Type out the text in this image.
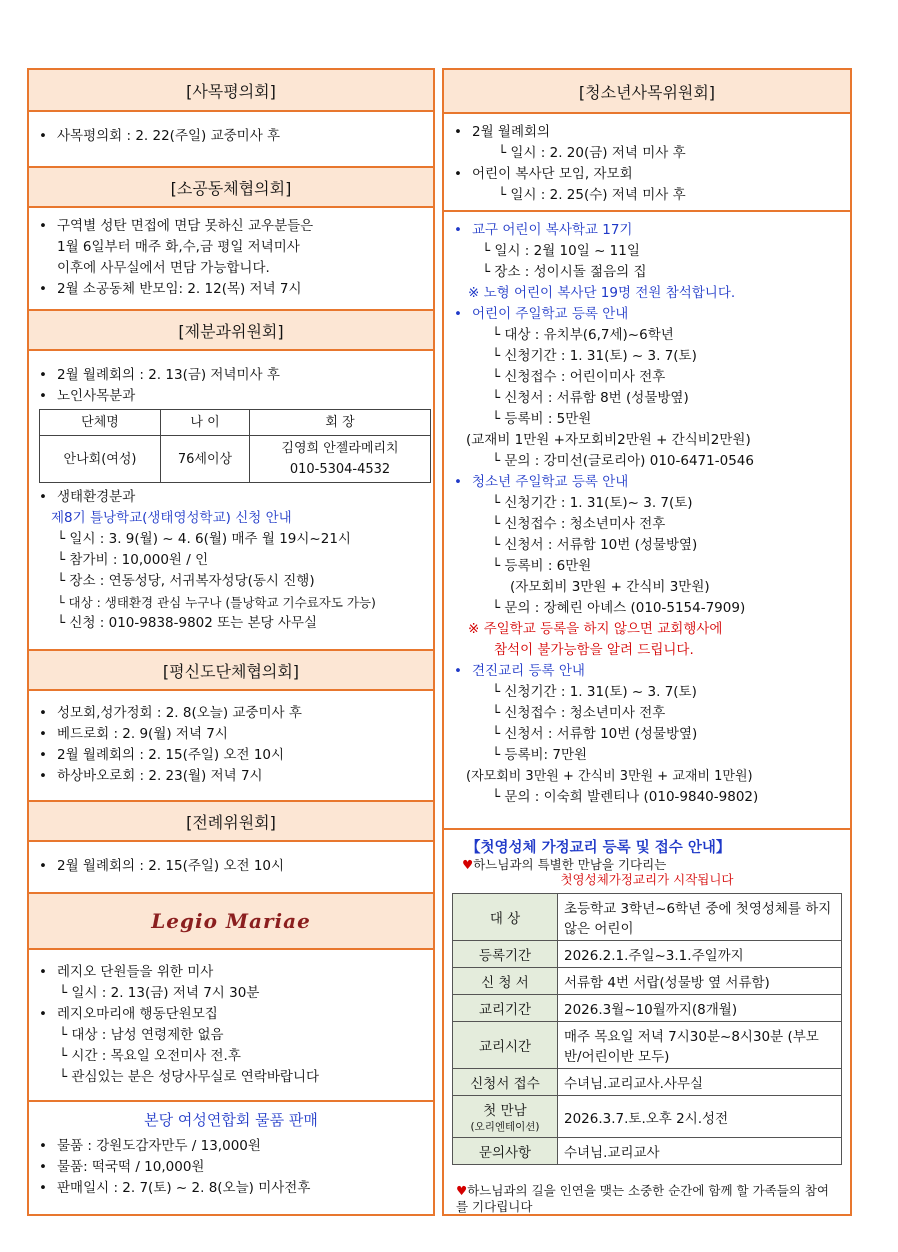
[사목평의회]
• 사목평의회 : 2. 22(주일) 교중미사 후
[소공동체협의회]
• 구역별 성탄 면접에 면담 못하신 교우분들은
1월 6일부터 매주 화,수,금 평일 저녁미사
이후에 사무실에서 면담 가능합니다.
• 2월 소공동체 반모임: 2. 12(목) 저녁 7시
[제분과위원회]
• 2월 월례회의 : 2. 13(금) 저녁미사 후
• 노인사목분과
단체명	나 이	회 장
안나회(여성)	76세이상	김영희 안젤라메리치
010-5304-4532
• 생태환경분과
제8기 틀낭학교(생태영성학교) 신청 안내
└ 일시 : 3. 9(월) ~ 4. 6(월) 매주 월 19시~21시
└ 참가비 : 10,000원 / 인
└ 장소 : 연동성당, 서귀복자성당(동시 진행)
└ 대상 : 생태환경 관심 누구나 (틀낭학교 기수료자도 가능)
└ 신청 : 010-9838-9802 또는 본당 사무실
[평신도단체협의회]
• 성모회,성가정회 : 2. 8(오늘) 교중미사 후
• 베드로회 : 2. 9(월) 저녁 7시
• 2월 월례회의 : 2. 15(주일) 오전 10시
• 하상바오로회 : 2. 23(월) 저녁 7시
[전례위원회]
• 2월 월례회의 : 2. 15(주일) 오전 10시
Legio Mariae
• 레지오 단원들을 위한 미사
└ 일시 : 2. 13(금) 저녁 7시 30분
• 레지오마리애 행동단원모집
└ 대상 : 남성 연령제한 없음
└ 시간 : 목요일 오전미사 전.후
└ 관심있는 분은 성당사무실로 연락바랍니다
본당 여성연합회 물품 판매
• 물품 : 강원도감자만두 / 13,000원
• 물품: 떡국떡 / 10,000원
• 판매일시 : 2. 7(토) ~ 2. 8(오늘) 미사전후
[청소년사목위원회]
• 2월 월례회의
└ 일시 : 2. 20(금) 저녁 미사 후
• 어린이 복사단 모임, 자모회
└ 일시 : 2. 25(수) 저녁 미사 후
• 교구 어린이 복사학교 17기
└ 일시 : 2월 10일 ~ 11일
└ 장소 : 성이시돌 젊음의 집
※ 노형 어린이 복사단 19명 전원 참석합니다.
• 어린이 주일학교 등록 안내
└ 대상 : 유치부(6,7세)~6학년
└ 신청기간 : 1. 31(토) ~ 3. 7(토)
└ 신청접수 : 어린이미사 전후
└ 신청서 : 서류함 8번 (성물방옆)
└ 등록비 : 5만원
(교재비 1만원 +자모회비2만원 + 간식비2만원)
└ 문의 : 강미선(글로리아) 010-6471-0546
• 청소년 주일학교 등록 안내
└ 신청기간 : 1. 31(토)~ 3. 7(토)
└ 신청접수 : 청소년미사 전후
└ 신청서 : 서류함 10번 (성물방옆)
└ 등록비 : 6만원
(자모회비 3만원 + 간식비 3만원)
└ 문의 : 장혜린 아녜스 (010-5154-7909)
※ 주일학교 등록을 하지 않으면 교회행사에
참석이 불가능함을 알려 드립니다.
• 견진교리 등록 안내
└ 신청기간 : 1. 31(토) ~ 3. 7(토)
└ 신청접수 : 청소년미사 전후
└ 신청서 : 서류함 10번 (성물방옆)
└ 등록비: 7만원
(자모회비 3만원 + 간식비 3만원 + 교재비 1만원)
└ 문의 : 이숙희 발렌티나 (010-9840-9802)
【첫영성체 가정교리 등록 및 접수 안내】
♥하느님과의 특별한 만남을 기다리는
첫영성체가정교리가 시작됩니다
대 상	초등학교 3학년~6학년 중에 첫영성체를 하지 않은 어린이
등록기간	2026.2.1.주일~3.1.주일까지
신 청 서	서류함 4번 서랍(성물방 옆 서류함)
교리기간	2026.3월~10월까지(8개월)
교리시간	매주 목요일 저녁 7시30분~8시30분 (부모반/어린이반 모두)
신청서 접수	수녀님.교리교사.사무실

첫 만남
(오리엔테이션)	2026.3.7.토.오후 2시.성전
문의사항	수녀님.교리교사
♥하느님과의 길을 인연을 맺는 소중한 순간에 함께 할 가족들의 참여를 기다립니다
